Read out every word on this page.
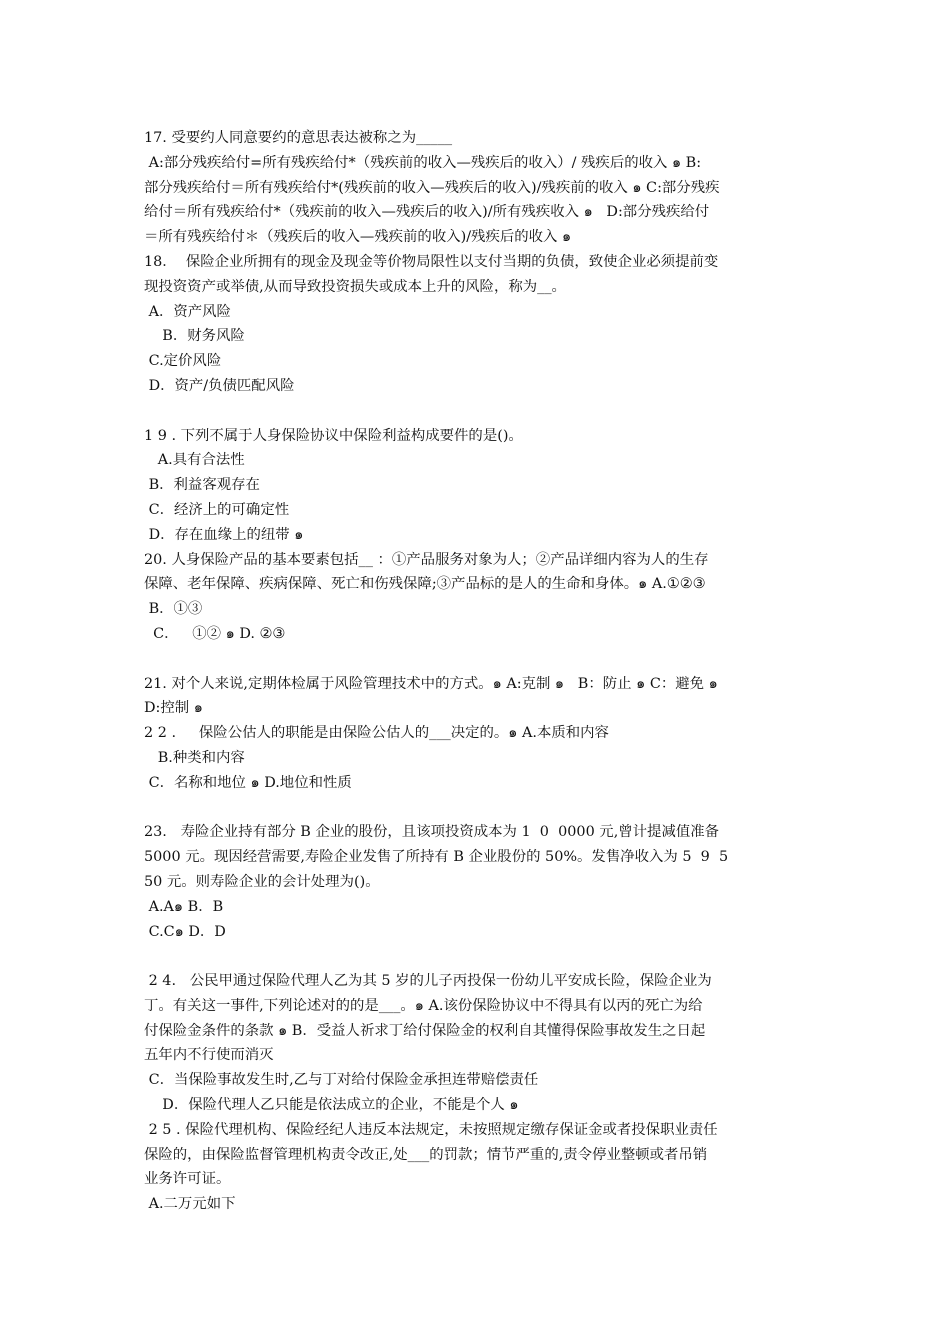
17. 受要约人同意要约的意思表达被称之为_____
A:部分残疾给付=所有残疾给付*（残疾前的收入—残疾后的收入）/ 残疾后的收入 ๑ B:
部分残疾给付＝所有残疾给付*(残疾前的收入—残疾后的收入)/残疾前的收入 ๑ C:部分残疾
给付＝所有残疾给付*（残疾前的收入—残疾后的收入)/所有残疾收入 ๑   D:部分残疾给付
＝所有残疾给付＊（残疾后的收入—残疾前的收入)/残疾后的收入 ๑
18．  保险企业所拥有的现金及现金等价物局限性以支付当期的负债，致使企业必须提前变
现投资资产或举债,从而导致投资损失或成本上升的风险，称为__。
A．资产风险
B．财务风险
C.定价风险
D．资产/负债匹配风险
1 9 . 下列不属于人身保险协议中保险利益构成要件的是()。
A.具有合法性
B．利益客观存在
C．经济上的可确定性
D．存在血缘上的纽带 ๑
20. 人身保险产品的基本要素包括__ ：①产品服务对象为人；②产品详细内容为人的生存
保障、老年保障、疾病保障、死亡和伤残保障;③产品标的是人的生命和身体。๑ A.①②③
B．①③
C．   ①② ๑ D. ②③
21. 对个人来说,定期体检属于风险管理技术中的方式。๑ A:克制 ๑   B：防止 ๑ C：避免 ๑
D:控制 ๑
2 2 .     保险公估人的职能是由保险公估人的___决定的。๑ A.本质和内容
B.种类和内容
C．名称和地位 ๑ D.地位和性质
23.   寿险企业持有部分 B 企业的股份，且该项投资成本为 1  0  0000 元,曾计提减值准备
5000 元。现因经营需要,寿险企业发售了所持有 B 企业股份的 50%。发售净收入为 5  9  5
50 元。则寿险企业的会计处理为()。
A.A๑ B．B
C.C๑ D．D
2 4.   公民甲通过保险代理人乙为其 5 岁的儿子丙投保一份幼儿平安成长险，保险企业为
丁。有关这一事件,下列论述对的的是___。๑ A.该份保险协议中不得具有以丙的死亡为给
付保险金条件的条款 ๑ B．受益人祈求丁给付保险金的权利自其懂得保险事故发生之日起
五年内不行使而消灭
C．当保险事故发生时,乙与丁对给付保险金承担连带赔偿责任
D．保险代理人乙只能是依法成立的企业，不能是个人 ๑
2 5 . 保险代理机构、保险经纪人违反本法规定，未按照规定缴存保证金或者投保职业责任
保险的，由保险监督管理机构责令改正,处___的罚款；情节严重的,责令停业整顿或者吊销
业务许可证。
A.二万元如下
